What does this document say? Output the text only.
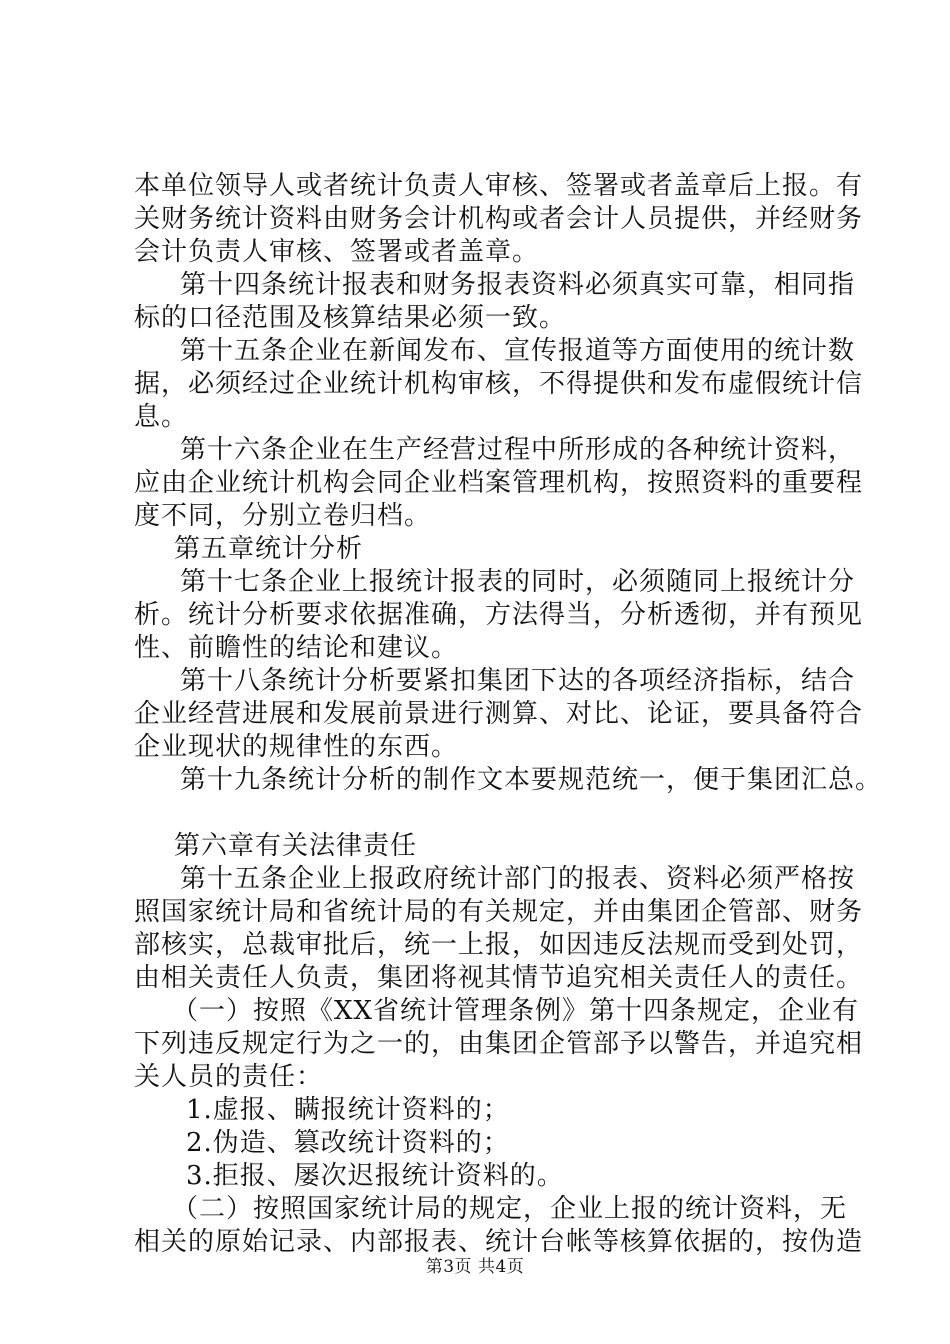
本单位领导人或者统计负责人审核、签署或者盖章后上报。有
关财务统计资料由财务会计机构或者会计人员提供，并经财务
会计负责人审核、签署或者盖章。
第十四条统计报表和财务报表资料必须真实可靠，相同指
标的口径范围及核算结果必须一致。
第十五条企业在新闻发布、宣传报道等方面使用的统计数
据，必须经过企业统计机构审核，不得提供和发布虚假统计信
息。
第十六条企业在生产经营过程中所形成的各种统计资料，
应由企业统计机构会同企业档案管理机构，按照资料的重要程
度不同，分别立卷归档。
第五章统计分析
第十七条企业上报统计报表的同时，必须随同上报统计分
析。统计分析要求依据准确，方法得当，分析透彻，并有预见
性、前瞻性的结论和建议。
第十八条统计分析要紧扣集团下达的各项经济指标，结合
企业经营进展和发展前景进行测算、对比、论证，要具备符合
企业现状的规律性的东西。
第十九条统计分析的制作文本要规范统一，便于集团汇总。
第六章有关法律责任
第十五条企业上报政府统计部门的报表、资料必须严格按
照国家统计局和省统计局的有关规定，并由集团企管部、财务
部核实，总裁审批后，统一上报，如因违反法规而受到处罚，
由相关责任人负责，集团将视其情节追究相关责任人的责任。
（一）按照《XX省统计管理条例》第十四条规定，企业有
下列违反规定行为之一的，由集团企管部予以警告，并追究相
关人员的责任：
1.虚报、瞒报统计资料的；
2.伪造、篡改统计资料的；
3.拒报、屡次迟报统计资料的。
（二）按照国家统计局的规定，企业上报的统计资料，无
相关的原始记录、内部报表、统计台帐等核算依据的，按伪造
第3页 共4页
